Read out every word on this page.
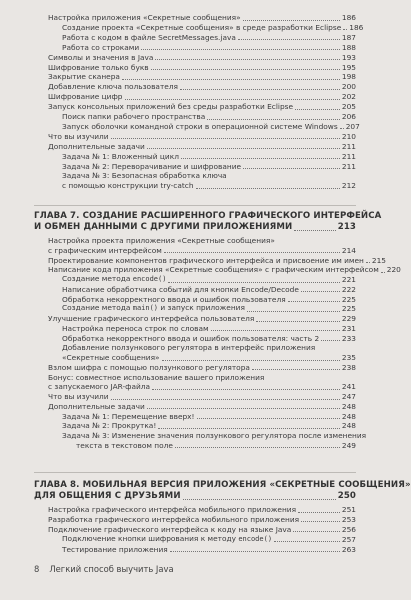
Настройка приложения «Секретные сообщения»	186
Создание проекта «Секретные сообщения» в среде разработки Eclipse 186
Работа с кодом в файле SecretMessages.java	187
Работа со строками	188
Символы и значения в Java	193
Шифрование только букв	195
Закрытие сканера	198
Добавление ключа пользователя	200
Шифрование цифр	202
Запуск консольных приложений без среды разработки Eclipse	205
Поиск папки рабочего пространства	206
Запуск оболочки командной строки в операционной системе Windows 207
Что вы изучили	210
Дополнительные задачи	211
Задача № 1: Вложенный цикл	211
Задача № 2: Переворачивание и шифрование	211
Задача № 3: Безопасная обработка ключа
с помощью конструкции try-catch	212
ГЛАВА 7. СОЗДАНИЕ РАСШИРЕННОГО ГРАФИЧЕСКОГО ИНТЕРФЕЙСА
И ОБМЕН ДАННЫМИ С ДРУГИМИ ПРИЛОЖЕНИЯМИ	213
Настройка проекта приложения «Секретные сообщения»
с графическим интерфейсом	214
Проектирование компонентов графического интерфейса и присвоение им имен 215
Написание кода приложения «Секретные сообщения» с графическим интерфейсом 220
Создание метода encode()	221
Написание обработчика событий для кнопки Encode/Decode	222
Обработка некорректного ввода и ошибок пользователя	225
Создание метода main() и запуск приложения	225
Улучшение графического интерфейса пользователя	229
Настройка переноса строк по словам	231
Обработка некорректного ввода и ошибок пользователя: часть 2	233
Добавление ползункового регулятора в интерфейс приложения
«Секретные сообщения»	235
Взлом шифра с помощью ползункового регулятора	238
Бонус: совместное использование вашего приложения
с запускаемого JAR-файла	241
Что вы изучили	247
Дополнительные задачи	248
Задача № 1: Перемещение вверх!	248
Задача № 2: Прокрутка!	248
Задача № 3: Изменение значения ползункового регулятора после изменения
текста в текстовом поле	249
ГЛАВА 8. МОБИЛЬНАЯ ВЕРСИЯ ПРИЛОЖЕНИЯ «СЕКРЕТНЫЕ СООБЩЕНИЯ»
ДЛЯ ОБЩЕНИЯ С ДРУЗЬЯМИ	250
Настройка графического интерфейса мобильного приложения	251
Разработка графического интерфейса мобильного приложения	253
Подключение графического интерфейса к коду на языке Java	256
Подключение кнопки шифрования к методу encode()	257
Тестирование приложения	263
8 Легкий способ выучить Java
